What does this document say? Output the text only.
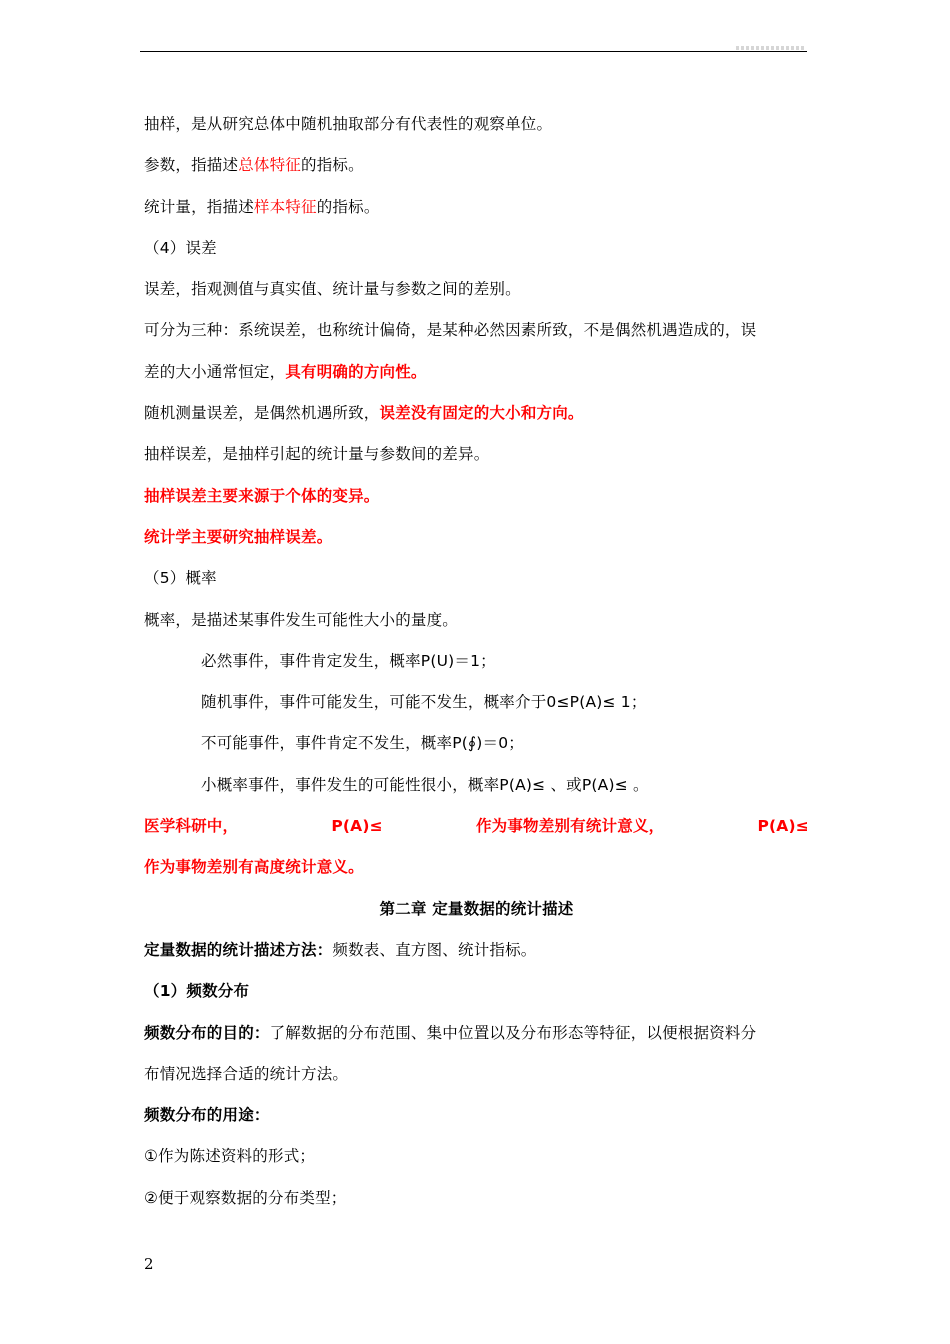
抽样，是从研究总体中随机抽取部分有代表性的观察单位。
参数，指描述总体特征的指标。
统计量，指描述样本特征的指标。
（4）误差
误差，指观测值与真实值、统计量与参数之间的差别。
可分为三种：系统误差，也称统计偏倚，是某种必然因素所致，不是偶然机遇造成的，误
差的大小通常恒定，具有明确的方向性。
随机测量误差，是偶然机遇所致，误差没有固定的大小和方向。
抽样误差，是抽样引起的统计量与参数间的差异。
抽样误差主要来源于个体的变异。
统计学主要研究抽样误差。
（5）概率
概率，是描述某事件发生可能性大小的量度。
必然事件，事件肯定发生，概率P(U)＝1；
随机事件，事件可能发生，可能不发生，概率介于0≤P(A)≤ 1；
不可能事件，事件肯定不发生，概率P(∮)＝0；
小概率事件，事件发生的可能性很小，概率P(A)≤ 、或P(A)≤ 。
医学科研中，	P(A)≤	作为事物差别有统计意义，	P(A)≤
作为事物差别有高度统计意义。
第二章 定量数据的统计描述
定量数据的统计描述方法：频数表、直方图、统计指标。
（1）频数分布
频数分布的目的：了解数据的分布范围、集中位置以及分布形态等特征，以便根据资料分
布情况选择合适的统计方法。
频数分布的用途：
①作为陈述资料的形式；
②便于观察数据的分布类型；
2
